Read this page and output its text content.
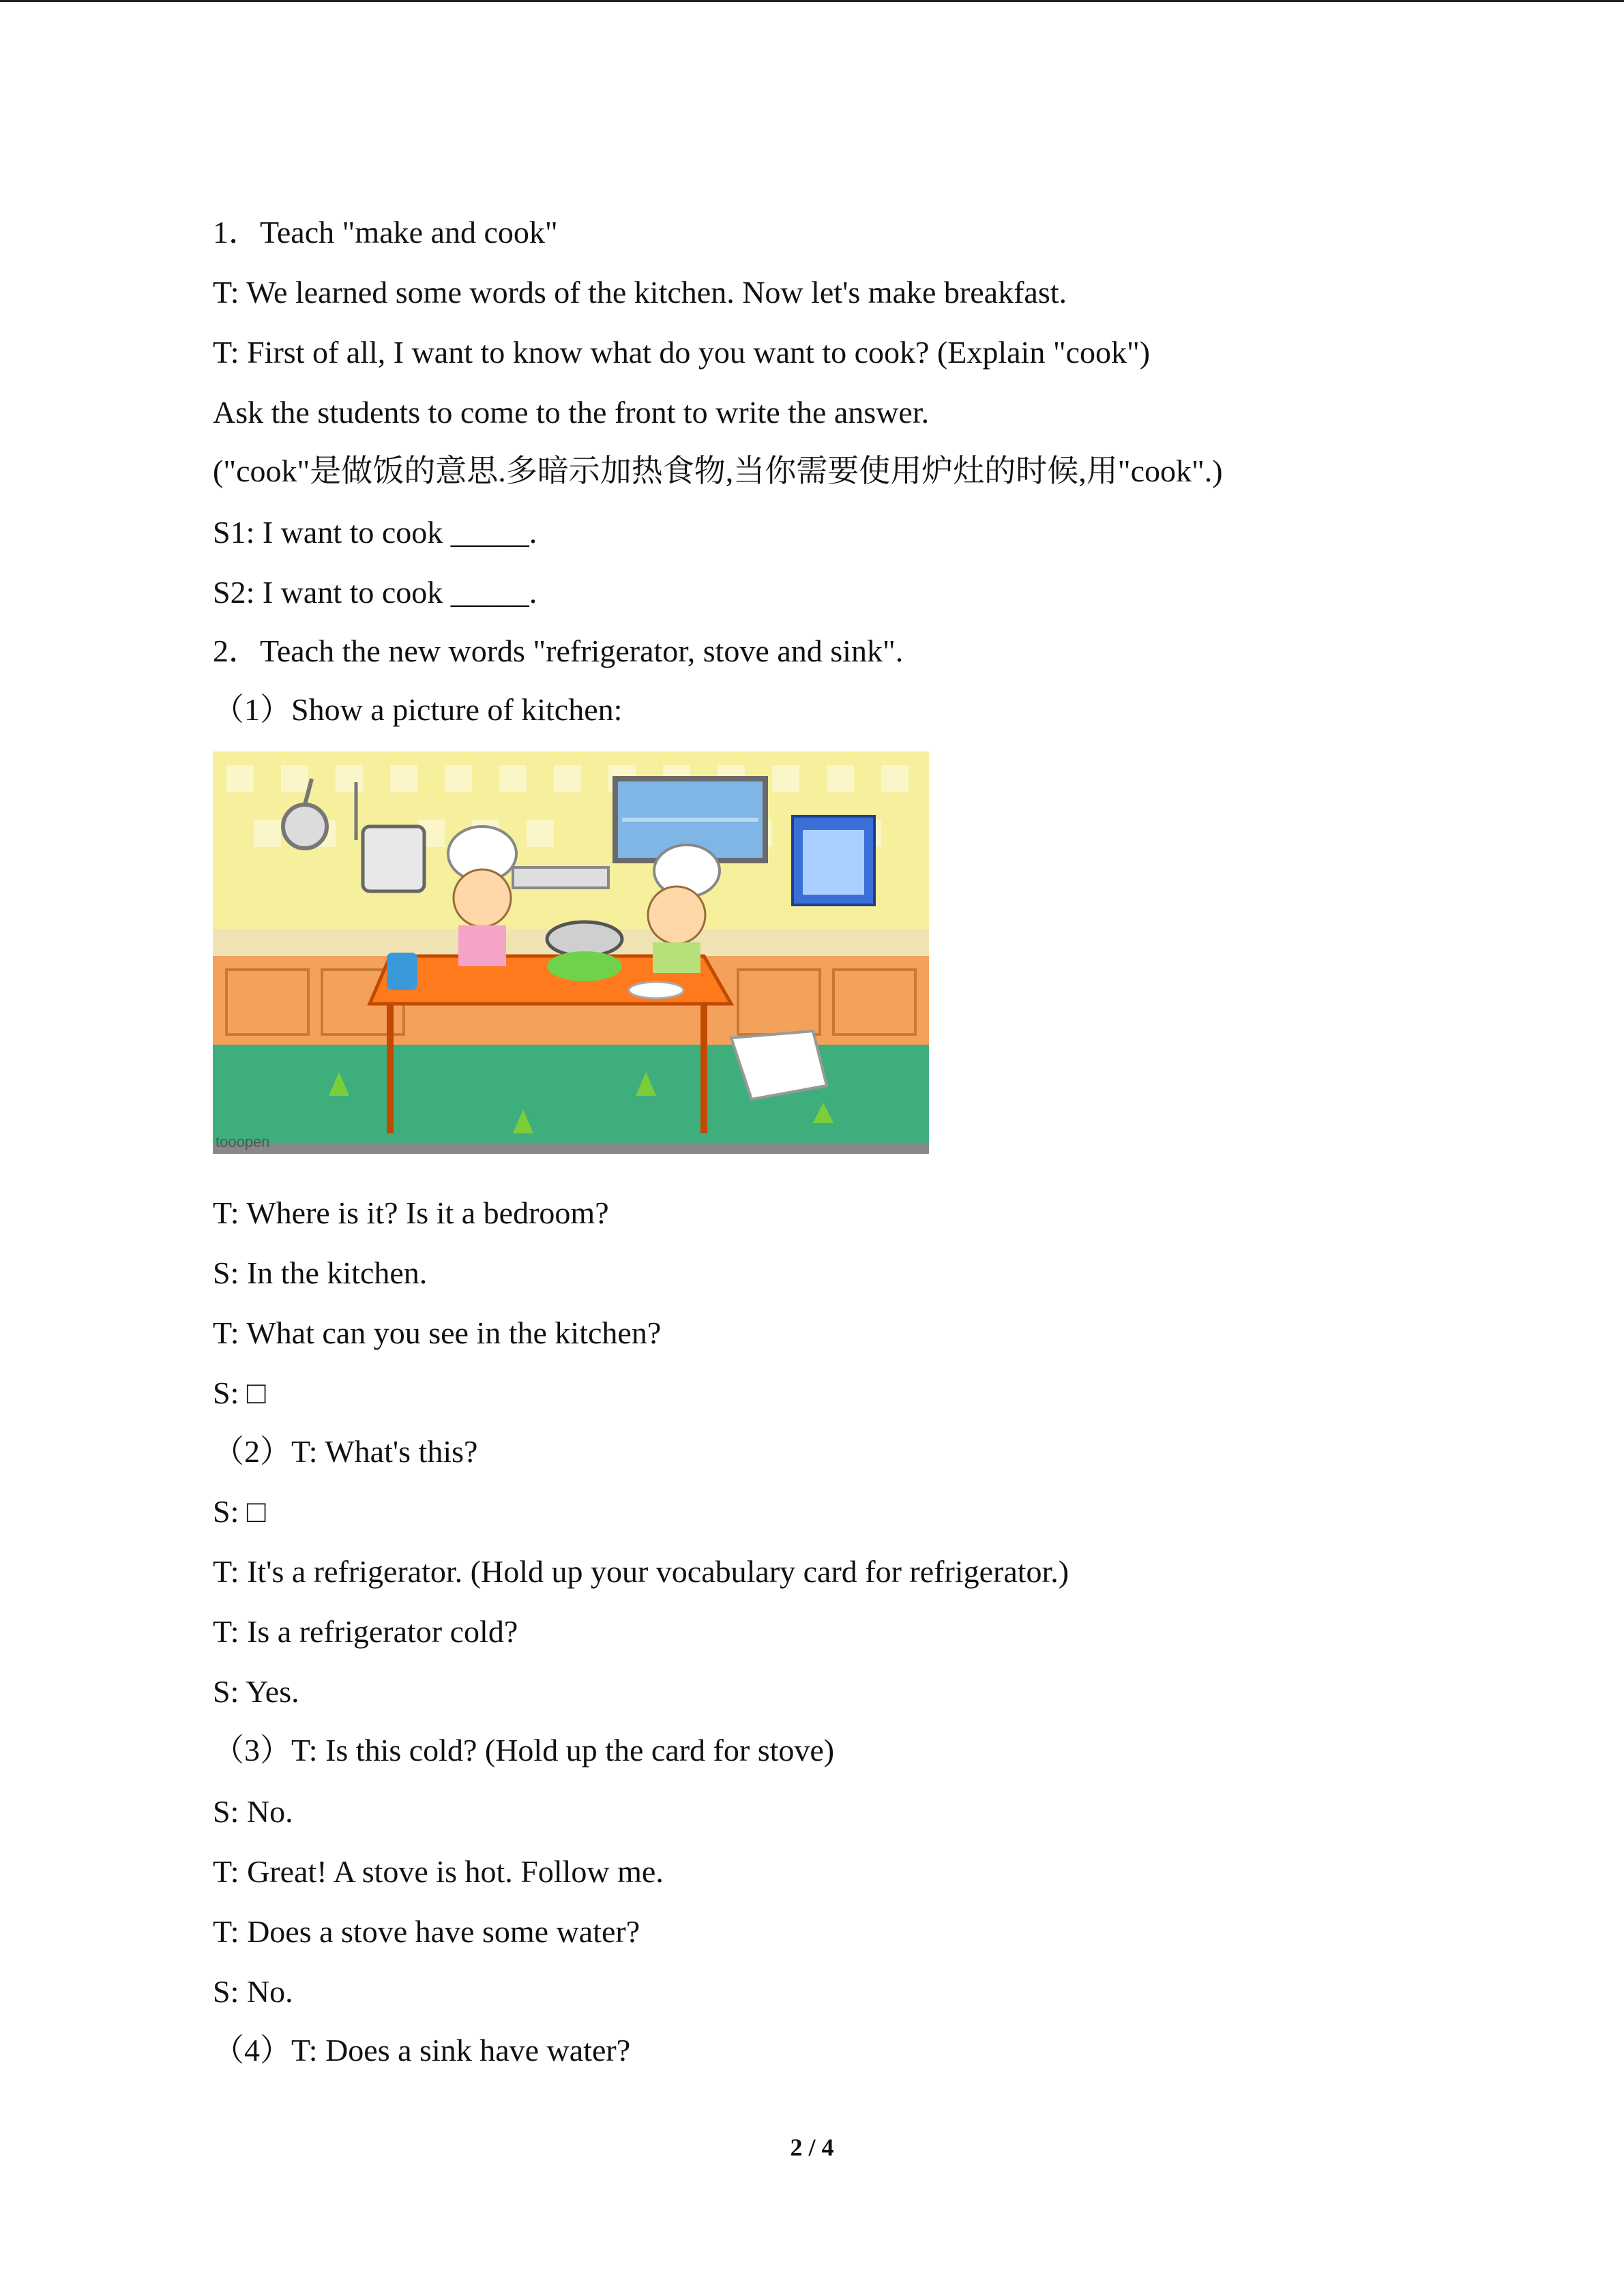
1．Teach "make and cook"
T: We learned some words of the kitchen. Now let's make breakfast.
T: First of all, I want to know what do you want to cook? (Explain "cook")
Ask the students to come to the front to write the answer.
("cook"是做饭的意思.多暗示加热食物,当你需要使用炉灶的时候,用"cook".)
S1: I want to cook _____.
S2: I want to cook _____.
2．Teach the new words "refrigerator, stove and sink".
（1）Show a picture of kitchen:
tooopen
T: Where is it? Is it a bedroom?
S: In the kitchen.
T: What can you see in the kitchen?
S: □
（2）T: What's this?
S: □
T: It's a refrigerator. (Hold up your vocabulary card for refrigerator.)
T: Is a refrigerator cold?
S: Yes.
（3）T: Is this cold? (Hold up the card for stove)
S: No.
T: Great! A stove is hot. Follow me.
T: Does a stove have some water?
S: No.
（4）T: Does a sink have water?
2 / 4
